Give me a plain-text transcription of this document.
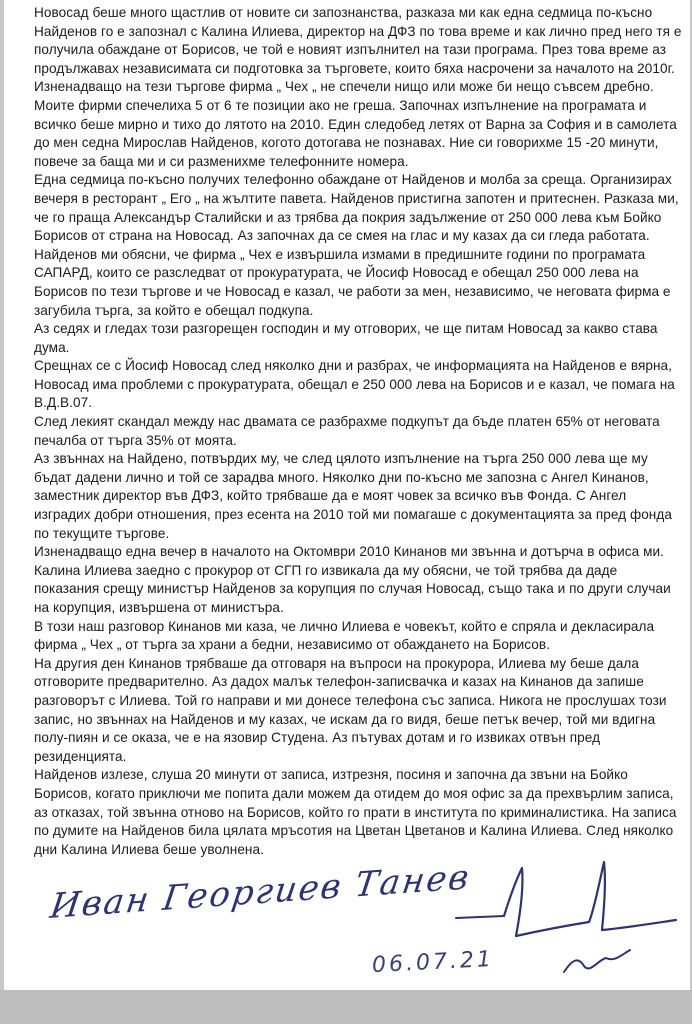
Новосад беше много щастлив от новите си запознанства, разказа ми как една седмица по-късно Найденов го е запознал с Калина Илиева, директор на ДФЗ по това време и как лично пред него тя е получила обаждане от Борисов, че той е новият изпълнител на тази програма. През това време аз продължавах независимата си подготовка за търговете, които бяха насрочени за началото на 2010г.

Изненадващо на тези търгове фирма „ Чех „ не спечели нищо или може би нещо съвсем дребно. Моите фирми спечелиха 5 от 6 те позиции ако не греша. Започнах изпълнение на програмата и всичко беше мирно и тихо до лятото на 2010. Един следобед летях от Варна за София и в самолета до мен седна Мирослав Найденов, когото дотогава не познавах. Ние си говорихме 15 -20 минути, повече за баща ми и си разменихме телефонните номера.

Една седмица по-късно получих телефонно обаждане от Найденов и молба за среща. Организирах вечеря в ресторант „ Его „ на жълтите павета. Найденов пристигна запотен и притеснен. Разказа ми, че го праща Александър Сталийски и аз трябва да покрия задължение от 250 000 лева към Бойко Борисов от страна на Новосад. Аз започнах да се смея на глас и му казах да си гледа работата. Найденов ми обясни, че фирма „ Чех е извършила измами в предишните години по програмата САПАРД, които се разследват от прокуратурата, че Йосиф Новосад е обещал 250 000 лева на Борисов по тези търгове и че Новосад е казал, че работи за мен, независимо, че неговата фирма е загубила търга, за който е обещал подкупа.

Аз седях и гледах този разгорещен господин и му отговорих, че ще питам Новосад за какво става дума.

Срещнах се с Йосиф Новосад след няколко дни и разбрах, че информацията на Найденов е вярна, Новосад има проблеми с прокуратурата, обещал е 250 000 лева на Борисов и е казал, че помага на В.Д.В.07.

След лекият скандал между нас двамата се разбрахме подкупът да бъде платен 65% от неговата печалба от търга 35% от моята.

Аз звъннах на Найдено, потвърдих му, че след цялото изпълнение на търга 250 000 лева ще му бъдат дадени лично и той се зарадва много. Няколко дни по-късно ме запозна с Ангел Кинанов, заместник директор във ДФЗ, който трябваше да е моят човек за всичко във Фонда. С Ангел изградих добри отношения, през есента на 2010 той ми помагаше с документацията за пред фонда по текущите търгове.

Изненадващо една вечер в началото на Октомври 2010 Кинанов ми звънна и дотърча в офиса ми. Калина Илиева заедно с прокурор от СГП го извикала да му обясни, че той трябва да даде показания срещу министър Найденов за корупция по случая Новосад, също така и по други случаи на корупция, извършена от министъра.

В този наш разговор Кинанов ми каза, че лично Илиева е човекът, който е спряла и декласирала фирма „ Чех „ от търга за храни а бедни, независимо от обаждането на Борисов.

На другия ден Кинанов трябваше да отговаря на въпроси на прокурора, Илиева му беше дала отговорите предварително. Аз дадох малък телефон-записвачка и казах на Кинанов да запише разговорът с Илиева. Той го направи и ми донесе телефона със записа. Никога не прослушах този запис, но звъннах на Найденов и му казах, че искам да го видя, беше петък вечер, той ми вдигна полу-пиян и се оказа, че е на язовир Студена. Аз пътувах дотам и го извиках отвън пред резиденцията.

Найденов излезе, слуша 20 минути от записа, изтрезня, посиня и започна да звъни на Бойко Борисов, когато приключи ме попита дали можем да отидем до моя офис за да прехвърлим записа, аз отказах, той звънна отново на Борисов, който го прати в института по криминалистика. На записа по думите на Найденов била цялата мръсотия на Цветан Цветанов и Калина Илиева. След няколко дни Калина Илиева беше уволнена.

Иван Георгиев Танев
06.07.21
